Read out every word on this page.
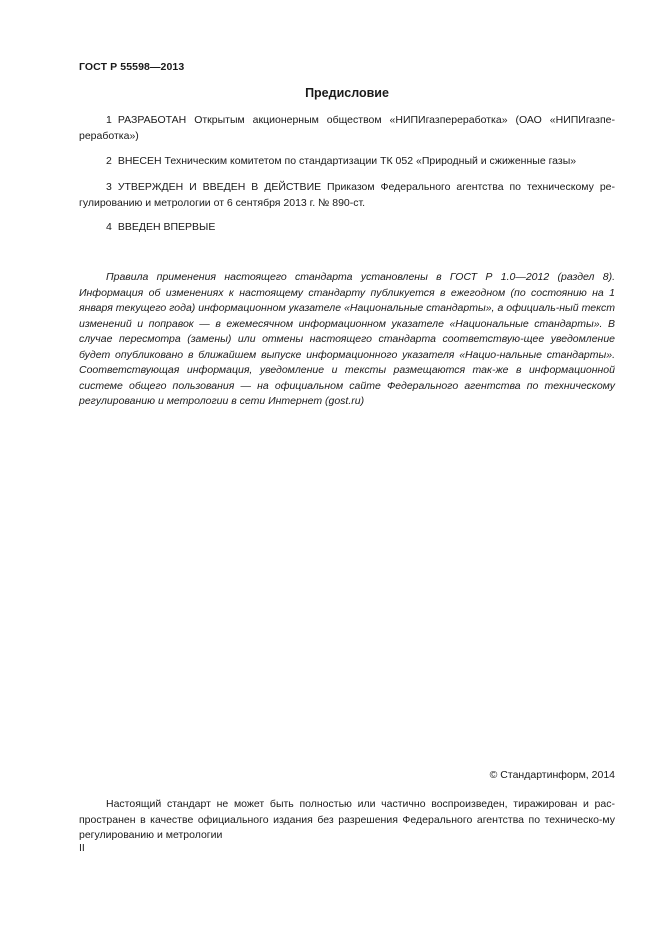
ГОСТ Р 55598—2013
Предисловие

1 РАЗРАБОТАН Открытым акционерным обществом «НИПИгазпереработка» (ОАО «НИПИгазпе-реработка»)

2 ВНЕСЕН Техническим комитетом по стандартизации ТК 052 «Природный и сжиженные газы»

3 УТВЕРЖДЕН И ВВЕДЕН В ДЕЙСТВИЕ Приказом Федерального агентства по техническому ре-гулированию и метрологии от 6 сентября 2013 г. № 890-ст.

4 ВВЕДЕН ВПЕРВЫЕ

Правила применения настоящего стандарта установлены в ГОСТ Р 1.0—2012 (раздел 8). Информация об изменениях к настоящему стандарту публикуется в ежегодном (по состоянию на 1 января текущего года) информационном указателе «Национальные стандарты», а официаль-ный текст изменений и поправок — в ежемесячном информационном указателе «Национальные стандарты». В случае пересмотра (замены) или отмены настоящего стандарта соответствую-щее уведомление будет опубликовано в ближайшем выпуске информационного указателя «Нацио-нальные стандарты». Соответствующая информация, уведомление и тексты размещаются так-же в информационной системе общего пользования — на официальном сайте Федерального агентства по техническому регулированию и метрологии в сети Интернет (gost.ru)

© Стандартинформ, 2014

Настоящий стандарт не может быть полностью или частично воспроизведен, тиражирован и рас-пространен в качестве официального издания без разрешения Федерального агентства по техническо-му регулированию и метрологии

II
